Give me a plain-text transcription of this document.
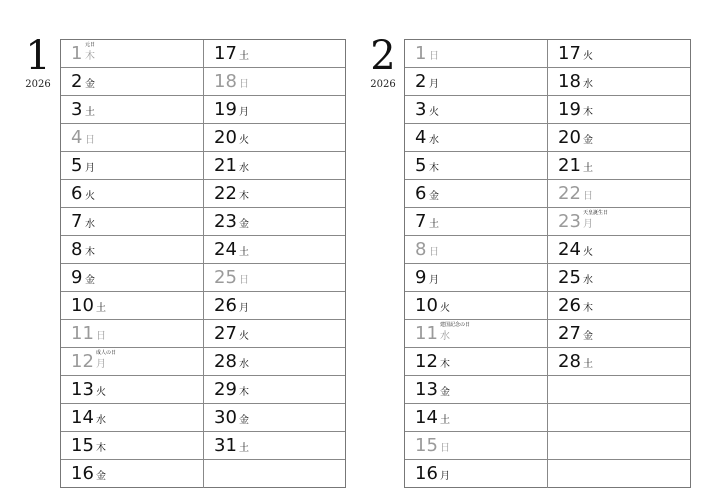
1
2026
1 木
元日
2 金
3 土
4 日
5 月
6 火
7 水
8 木
9 金
10 土
11 日
12 月
成人の日
13 火
14 水
15 木
16 金
17 土
18 日
19 月
20 火
21 水
22 木
23 金
24 土
25 日
26 月
27 火
28 水
29 木
30 金
31 土
2
2026
1 日
2 月
3 火
4 水
5 木
6 金
7 土
8 日
9 月
10 火
11 水
建国記念の日
12 木
13 金
14 土
15 日
16 月
17 火
18 水
19 木
20 金
21 土
22 日
23 月
天皇誕生日
24 火
25 水
26 木
27 金
28 土
